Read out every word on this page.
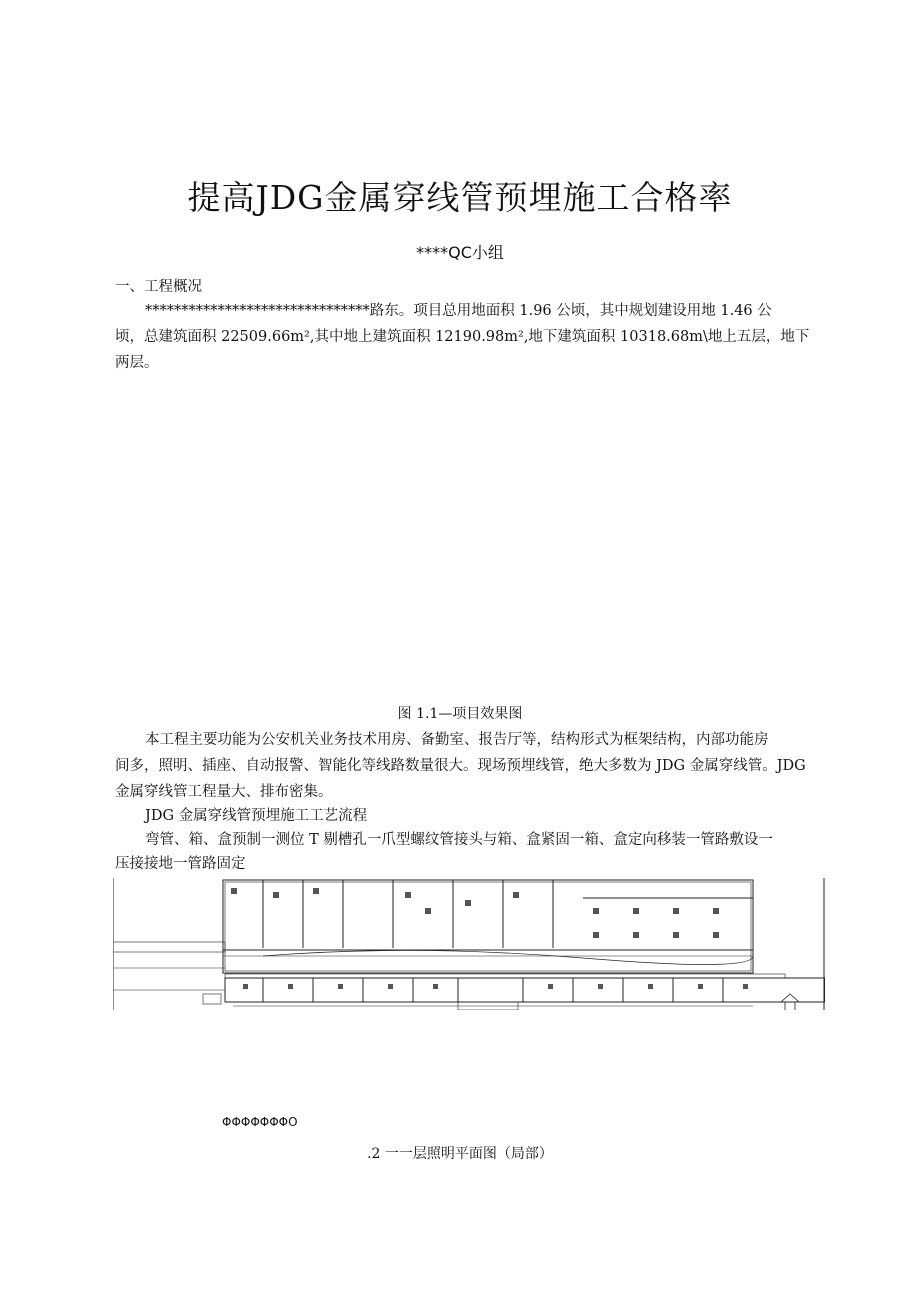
提高JDG金属穿线管预埋施工合格率
****QC小组
一、工程概况
*******************************路东。项目总用地面积 1.96 公顷，其中规划建设用地 1.46 公
顷，总建筑面积 22509.66m²,其中地上建筑面积 12190.98m²,地下建筑面积 10318.68m\地上五层，地下
两层。
图 1.1—项目效果图
本工程主要功能为公安机关业务技术用房、备勤室、报告厅等，结构形式为框架结构，内部功能房
间多，照明、插座、自动报警、智能化等线路数量很大。现场预埋线管，绝大多数为 JDG 金属穿线管。JDG
金属穿线管工程量大、排布密集。
JDG 金属穿线管预埋施工工艺流程
弯管、箱、盒预制一测位 T 剔槽孔一爪型螺纹管接头与箱、盒紧固一箱、盒定向移装一管路敷设一
压接接地一管路固定
ΦΦΦΦΦΦΦO
.2 一一层照明平面图（局部）
